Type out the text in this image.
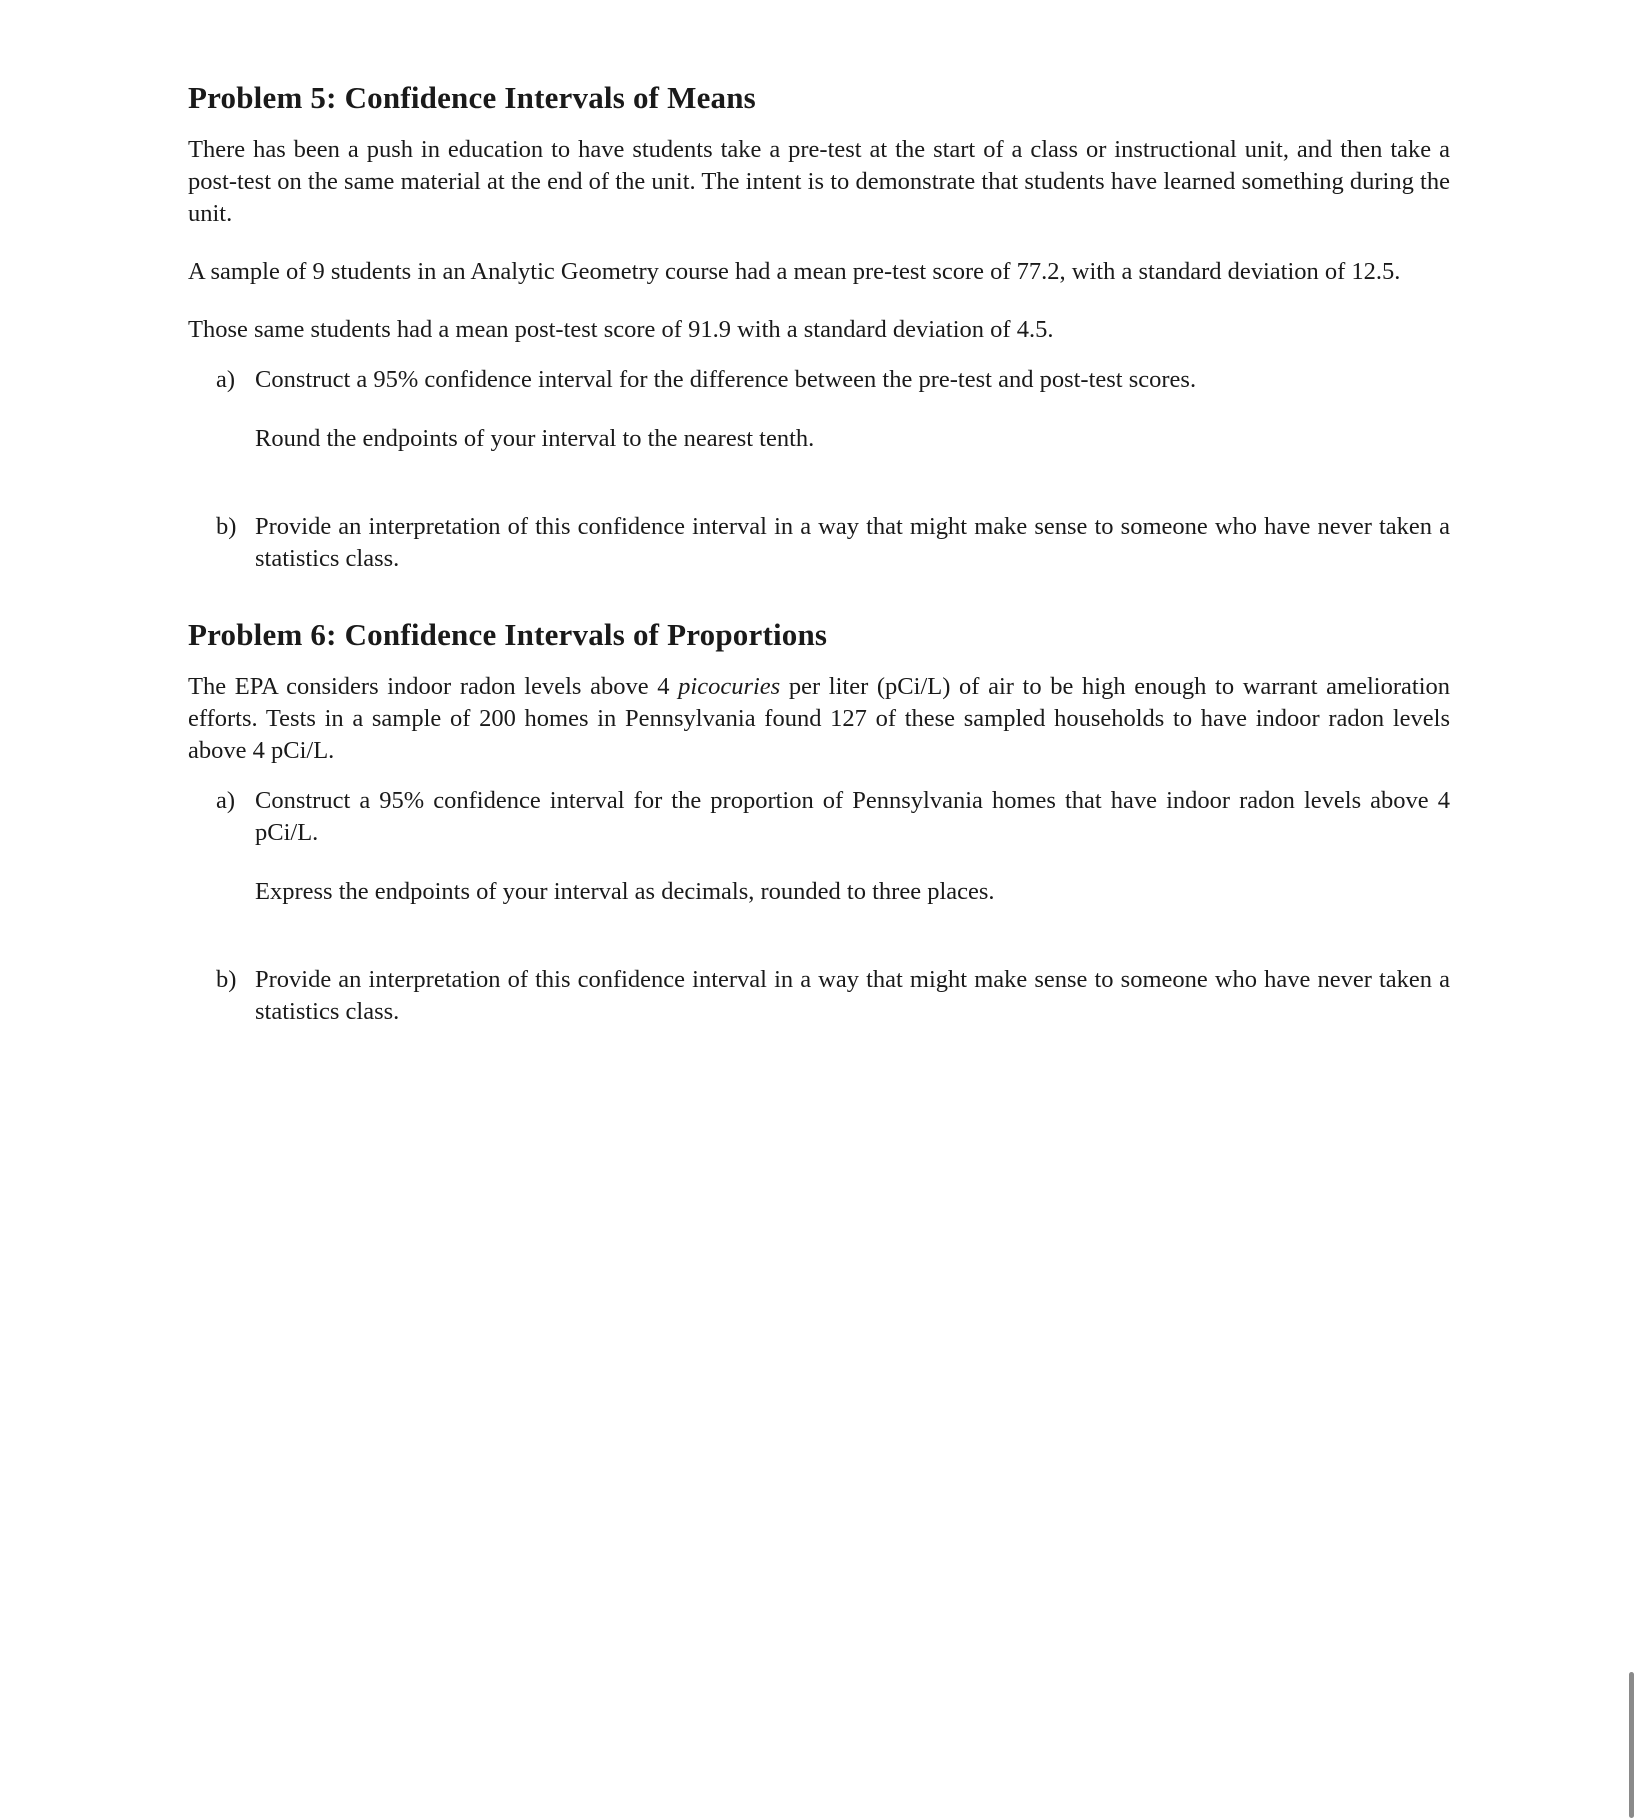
Problem 5: Confidence Intervals of Means

There has been a push in education to have students take a pre-test at the start of a class or instructional unit, and then take a post-test on the same material at the end of the unit. The intent is to demonstrate that students have learned something during the unit.

A sample of 9 students in an Analytic Geometry course had a mean pre-test score of 77.2, with a standard deviation of 12.5.

Those same students had a mean post-test score of 91.9 with a standard deviation of 4.5.

a) Construct a 95% confidence interval for the difference between the pre-test and post-test scores.

Round the endpoints of your interval to the nearest tenth.

b) Provide an interpretation of this confidence interval in a way that might make sense to someone who have never taken a statistics class.

Problem 6: Confidence Intervals of Proportions

The EPA considers indoor radon levels above 4 picocuries per liter (pCi/L) of air to be high enough to warrant amelioration efforts. Tests in a sample of 200 homes in Pennsylvania found 127 of these sampled households to have indoor radon levels above 4 pCi/L.

a) Construct a 95% confidence interval for the proportion of Pennsylvania homes that have indoor radon levels above 4 pCi/L.

Express the endpoints of your interval as decimals, rounded to three places.

b) Provide an interpretation of this confidence interval in a way that might make sense to someone who have never taken a statistics class.
